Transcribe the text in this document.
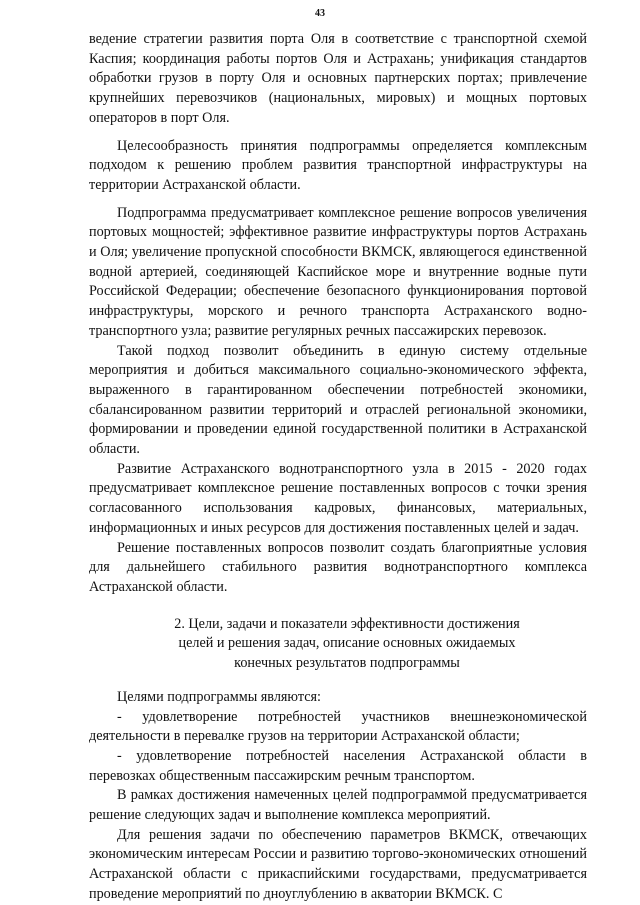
43

ведение стратегии развития порта Оля в соответствие с транспортной схемой Каспия; координация работы портов Оля и Астрахань; унификация стандартов обработки грузов в порту Оля и основных партнерских портах; привлечение крупнейших перевозчиков (национальных, мировых) и мощных портовых операторов в порт Оля.

Целесообразность принятия подпрограммы определяется комплексным подходом к решению проблем развития транспортной инфраструктуры на территории Астраханской области.

Подпрограмма предусматривает комплексное решение вопросов увеличения портовых мощностей; эффективное развитие инфраструктуры портов Астрахань и Оля; увеличение пропускной способности ВКМСК, являющегося единственной водной артерией, соединяющей Каспийское море и внутренние водные пути Российской Федерации; обеспечение безопасного функционирования портовой инфраструктуры, морского и речного транспорта Астраханского воднотранспортного узла; развитие регулярных речных пассажирских перевозок.

Такой подход позволит объединить в единую систему отдельные мероприятия и добиться максимального социально-экономического эффекта, выраженного в гарантированном обеспечении потребностей экономики, сбалансированном развитии территорий и отраслей региональной экономики, формировании и проведении единой государственной политики в Астраханской области.

Развитие Астраханского воднотранспортного узла в 2015 - 2020 годах предусматривает комплексное решение поставленных вопросов с точки зрения согласованного использования кадровых, финансовых, материальных, информационных и иных ресурсов для достижения поставленных целей и задач.

Решение поставленных вопросов позволит создать благоприятные условия для дальнейшего стабильного развития воднотранспортного комплекса Астраханской области.

2. Цели, задачи и показатели эффективности достижения
целей и решения задач, описание основных ожидаемых
конечных результатов подпрограммы

Целями подпрограммы являются:

- удовлетворение потребностей участников внешнеэкономической деятельности в перевалке грузов на территории Астраханской области;

- удовлетворение потребностей населения Астраханской области в перевозках общественным пассажирским речным транспортом.

В рамках достижения намеченных целей подпрограммой предусматривается решение следующих задач и выполнение комплекса мероприятий.

Для решения задачи по обеспечению параметров ВКМСК, отвечающих экономическим интересам России и развитию торгово-экономических отношений Астраханской области с прикаспийскими государствами, предусматривается проведение мероприятий по дноуглублению в акватории ВКМСК. С
